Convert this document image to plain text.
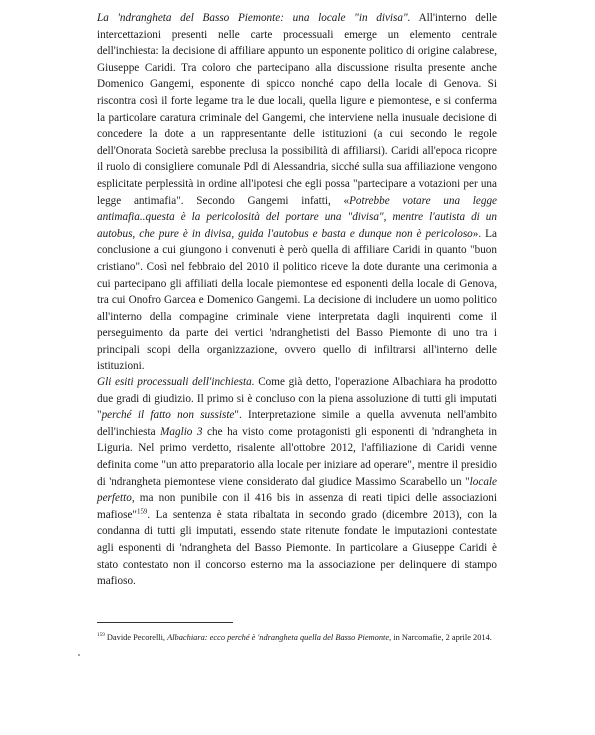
La 'ndrangheta del Basso Piemonte: una locale "in divisa". All'interno delle intercettazioni presenti nelle carte processuali emerge un elemento centrale dell'inchiesta: la decisione di affiliare appunto un esponente politico di origine calabrese, Giuseppe Caridi. Tra coloro che partecipano alla discussione risulta presente anche Domenico Gangemi, esponente di spicco nonché capo della locale di Genova. Si riscontra così il forte legame tra le due locali, quella ligure e piemontese, e si conferma la particolare caratura criminale del Gangemi, che interviene nella inusuale decisione di concedere la dote a un rappresentante delle istituzioni (a cui secondo le regole dell'Onorata Società sarebbe preclusa la possibilità di affiliarsi). Caridi all'epoca ricopre il ruolo di consigliere comunale Pdl di Alessandria, sicché sulla sua affiliazione vengono esplicitate perplessità in ordine all'ipotesi che egli possa "partecipare a votazioni per una legge antimafia". Secondo Gangemi infatti, «Potrebbe votare una legge antimafia..questa è la pericolosità del portare una "divisa", mentre l'autista di un autobus, che pure è in divisa, guida l'autobus e basta e dunque non è pericoloso». La conclusione a cui giungono i convenuti è però quella di affiliare Caridi in quanto "buon cristiano". Così nel febbraio del 2010 il politico riceve la dote durante una cerimonia a cui partecipano gli affiliati della locale piemontese ed esponenti della locale di Genova, tra cui Onofro Garcea e Domenico Gangemi. La decisione di includere un uomo politico all'interno della compagine criminale viene interpretata dagli inquirenti come il perseguimento da parte dei vertici 'ndranghetisti del Basso Piemonte di uno tra i principali scopi della organizzazione, ovvero quello di infiltrarsi all'interno delle istituzioni.

Gli esiti processuali dell'inchiesta. Come già detto, l'operazione Albachiara ha prodotto due gradi di giudizio. Il primo si è concluso con la piena assoluzione di tutti gli imputati "perché il fatto non sussiste". Interpretazione simile a quella avvenuta nell'ambito dell'inchiesta Maglio 3 che ha visto come protagonisti gli esponenti di 'ndrangheta in Liguria. Nel primo verdetto, risalente all'ottobre 2012, l'affiliazione di Caridi venne definita come "un atto preparatorio alla locale per iniziare ad operare", mentre il presidio di 'ndrangheta piemontese viene considerato dal giudice Massimo Scarabello un "locale perfetto, ma non punibile con il 416 bis in assenza di reati tipici delle associazioni mafiose"$^{159}$. La sentenza è stata ribaltata in secondo grado (dicembre 2013), con la condanna di tutti gli imputati, essendo state ritenute fondate le imputazioni contestate agli esponenti di 'ndrangheta del Basso Piemonte. In particolare a Giuseppe Caridi è stato contestato non il concorso esterno ma la associazione per delinquere di stampo mafioso.

$^{159}$ Davide Pecorelli, Albachiara: ecco perché è 'ndrangheta quella del Basso Piemonte, in Narcomafie, 2 aprile 2014.
